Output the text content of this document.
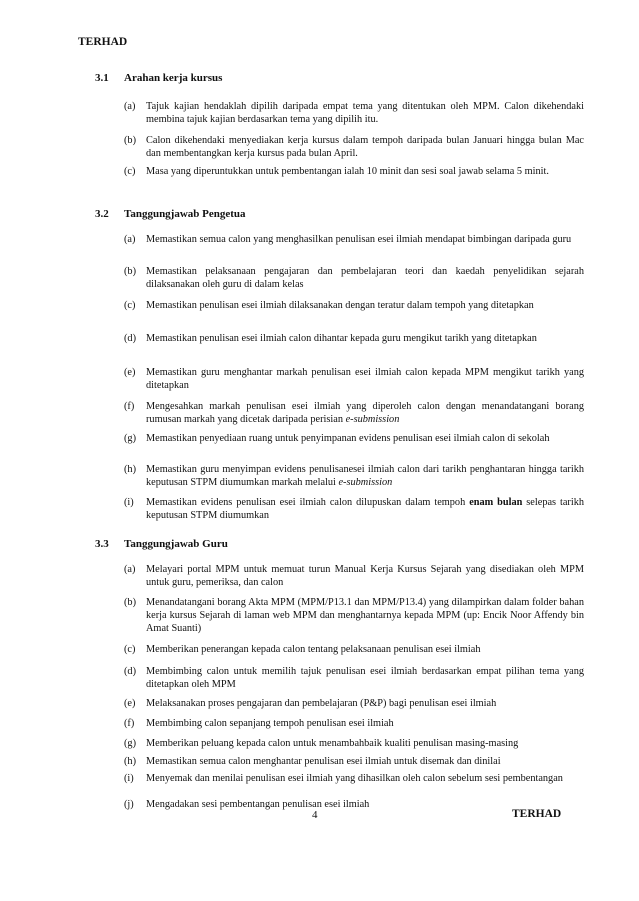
TERHAD
3.1 Arahan kerja kursus
(a) Tajuk kajian hendaklah dipilih daripada empat tema yang ditentukan oleh MPM. Calon dikehendaki membina tajuk kajian berdasarkan tema yang dipilih itu.
(b) Calon dikehendaki menyediakan kerja kursus dalam tempoh daripada bulan Januari hingga bulan Mac dan membentangkan kerja kursus pada bulan April.
(c) Masa yang diperuntukkan untuk pembentangan ialah 10 minit dan sesi soal jawab selama 5 minit.
3.2 Tanggungjawab Pengetua
(a) Memastikan semua calon yang menghasilkan penulisan esei ilmiah mendapat bimbingan daripada guru
(b) Memastikan pelaksanaan pengajaran dan pembelajaran teori dan kaedah penyelidikan sejarah dilaksanakan oleh guru di dalam kelas
(c) Memastikan penulisan esei ilmiah dilaksanakan dengan teratur dalam tempoh yang ditetapkan
(d) Memastikan penulisan esei ilmiah calon dihantar kepada guru mengikut tarikh yang ditetapkan
(e) Memastikan guru menghantar markah penulisan esei ilmiah calon kepada MPM mengikut tarikh yang ditetapkan
(f) Mengesahkan markah penulisan esei ilmiah yang diperoleh calon dengan menandatangani borang rumusan markah yang dicetak daripada perisian e-submission
(g) Memastikan penyediaan ruang untuk penyimpanan evidens penulisan esei ilmiah calon di sekolah
(h) Memastikan guru menyimpan evidens penulisanesei ilmiah calon dari tarikh penghantaran hingga tarikh keputusan STPM diumumkan markah melalui e-submission
(i) Memastikan evidens penulisan esei ilmiah calon dilupuskan dalam tempoh enam bulan selepas tarikh keputusan STPM diumumkan
3.3 Tanggungjawab Guru
(a) Melayari portal MPM untuk memuat turun Manual Kerja Kursus Sejarah yang disediakan oleh MPM untuk guru, pemeriksa, dan calon
(b) Menandatangani borang Akta MPM (MPM/P13.1 dan MPM/P13.4) yang dilampirkan dalam folder bahan kerja kursus Sejarah di laman web MPM dan menghantarnya kepada MPM (up: Encik Noor Affendy bin Amat Suanti)
(c) Memberikan penerangan kepada calon tentang pelaksanaan penulisan esei ilmiah
(d) Membimbing calon untuk memilih tajuk penulisan esei ilmiah berdasarkan empat pilihan tema yang ditetapkan oleh MPM
(e) Melaksanakan proses pengajaran dan pembelajaran (P&P) bagi penulisan esei ilmiah
(f) Membimbing calon sepanjang tempoh penulisan esei ilmiah
(g) Memberikan peluang kepada calon untuk menambahbaik kualiti penulisan masing-masing
(h) Memastikan semua calon menghantar penulisan esei ilmiah untuk disemak dan dinilai
(i) Menyemak dan menilai penulisan esei ilmiah yang dihasilkan oleh calon sebelum sesi pembentangan
(j) Mengadakan sesi pembentangan penulisan esei ilmiah
4	TERHAD
